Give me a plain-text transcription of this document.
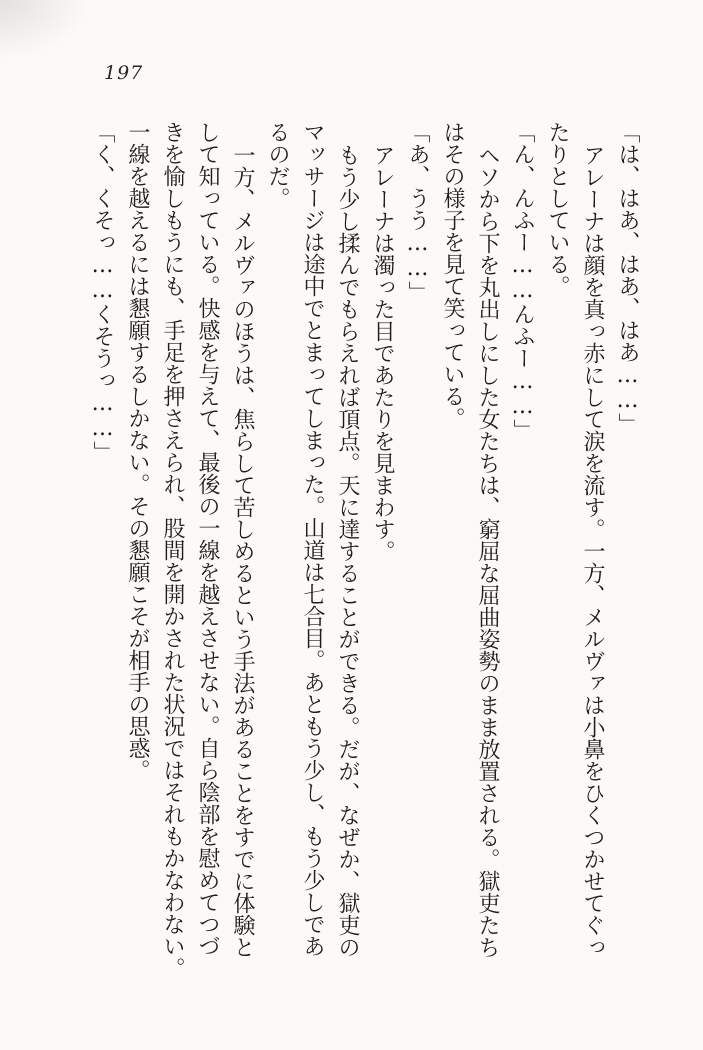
197

「は、はあ、はあ、はあ……」

アレーナは顔を真っ赤にして涙を流す。一方、メルヴァは小鼻をひくつかせてぐっ

たりとしている。

「ん、んふー……んふー……」

ヘソから下を丸出しにした女たちは、窮屈な屈曲姿勢のまま放置される。獄吏たち

はその様子を見て笑っている。

「あ、うう……」

アレーナは濁った目であたりを見まわす。

もう少し揉んでもらえれば頂点。天に達することができる。だが、なぜか、獄吏の

マッサージは途中でとまってしまった。山道は七合目。あともう少し、もう少しであ

るのだ。

一方、メルヴァのほうは、焦らして苦しめるという手法があることをすでに体験と

して知っている。快感を与えて、最後の一線を越えさせない。自ら陰部を慰めてつづ

きを愉しもうにも、手足を押さえられ、股間を開かされた状況ではそれもかなわない。

一線を越えるには懇願するしかない。その懇願こそが相手の思惑。

「く、くそっ……くそうっ……」
